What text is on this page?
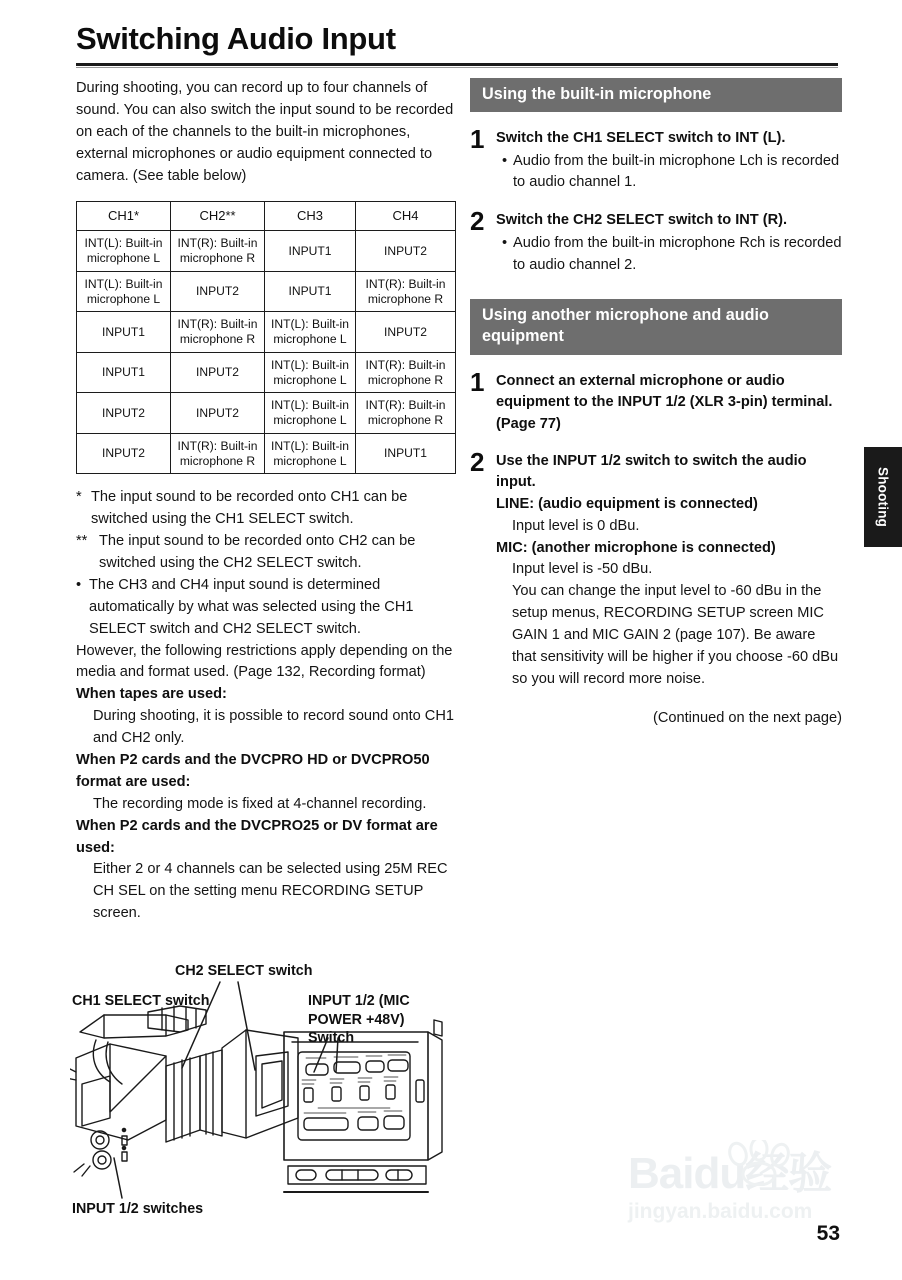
Switching Audio Input

During shooting, you can record up to four channels of sound. You can also switch the input sound to be recorded on each of the channels to the built-in microphones, external microphones or audio equipment connected to camera. (See table below)

CH1*	CH2**	CH3	CH4
INT(L): Built-in microphone L	INT(R): Built-in microphone R	INPUT1	INPUT2
INT(L): Built-in microphone L	INPUT2	INPUT1	INT(R): Built-in microphone R
INPUT1	INT(R): Built-in microphone R	INT(L): Built-in microphone L	INPUT2
INPUT1	INPUT2	INT(L): Built-in microphone L	INT(R): Built-in microphone R
INPUT2	INPUT2	INT(L): Built-in microphone L	INT(R): Built-in microphone R
INPUT2	INT(R): Built-in microphone R	INT(L): Built-in microphone L	INPUT1
* The input sound to be recorded onto CH1 can be switched using the CH1 SELECT switch.
** The input sound to be recorded onto CH2 can be switched using the CH2 SELECT switch.
• The CH3 and CH4 input sound is determined automatically by what was selected using the CH1 SELECT switch and CH2 SELECT switch.
However, the following restrictions apply depending on the media and format used. (Page 132, Recording format)
When tapes are used:
During shooting, it is possible to record sound onto CH1 and CH2 only.
When P2 cards and the DVCPRO HD or DVCPRO50 format are used:
The recording mode is fixed at 4-channel recording.
When P2 cards and the DVCPRO25 or DV format are used:
Either 2 or 4 channels can be selected using 25M REC CH SEL on the setting menu RECORDING SETUP screen.
Using the built-in microphone
1 Switch the CH1 SELECT switch to INT (L).
• Audio from the built-in microphone Lch is recorded to audio channel 1.
2 Switch the CH2 SELECT switch to INT (R).
• Audio from the built-in microphone Rch is recorded to audio channel 2.
Using another microphone and audio equipment
1 Connect an external microphone or audio equipment to the INPUT 1/2 (XLR 3-pin) terminal. (Page 77)
2 Use the INPUT 1/2 switch to switch the audio input.
LINE: (audio equipment is connected)
Input level is 0 dBu.
MIC: (another microphone is connected)
Input level is -50 dBu.
You can change the input level to -60 dBu in the setup menus, RECORDING SETUP screen MIC GAIN 1 and MIC GAIN 2 (page 107). Be aware that sensitivity will be higher if you choose -60 dBu so you will record more noise.
(Continued on the next page)
Shooting
CH2 SELECT switch
CH1 SELECT switch	INPUT 1/2 (MIC
POWER +48V)
Switch
INPUT 1/2 switches
Baidu经验
jingyan.baidu.com
53
